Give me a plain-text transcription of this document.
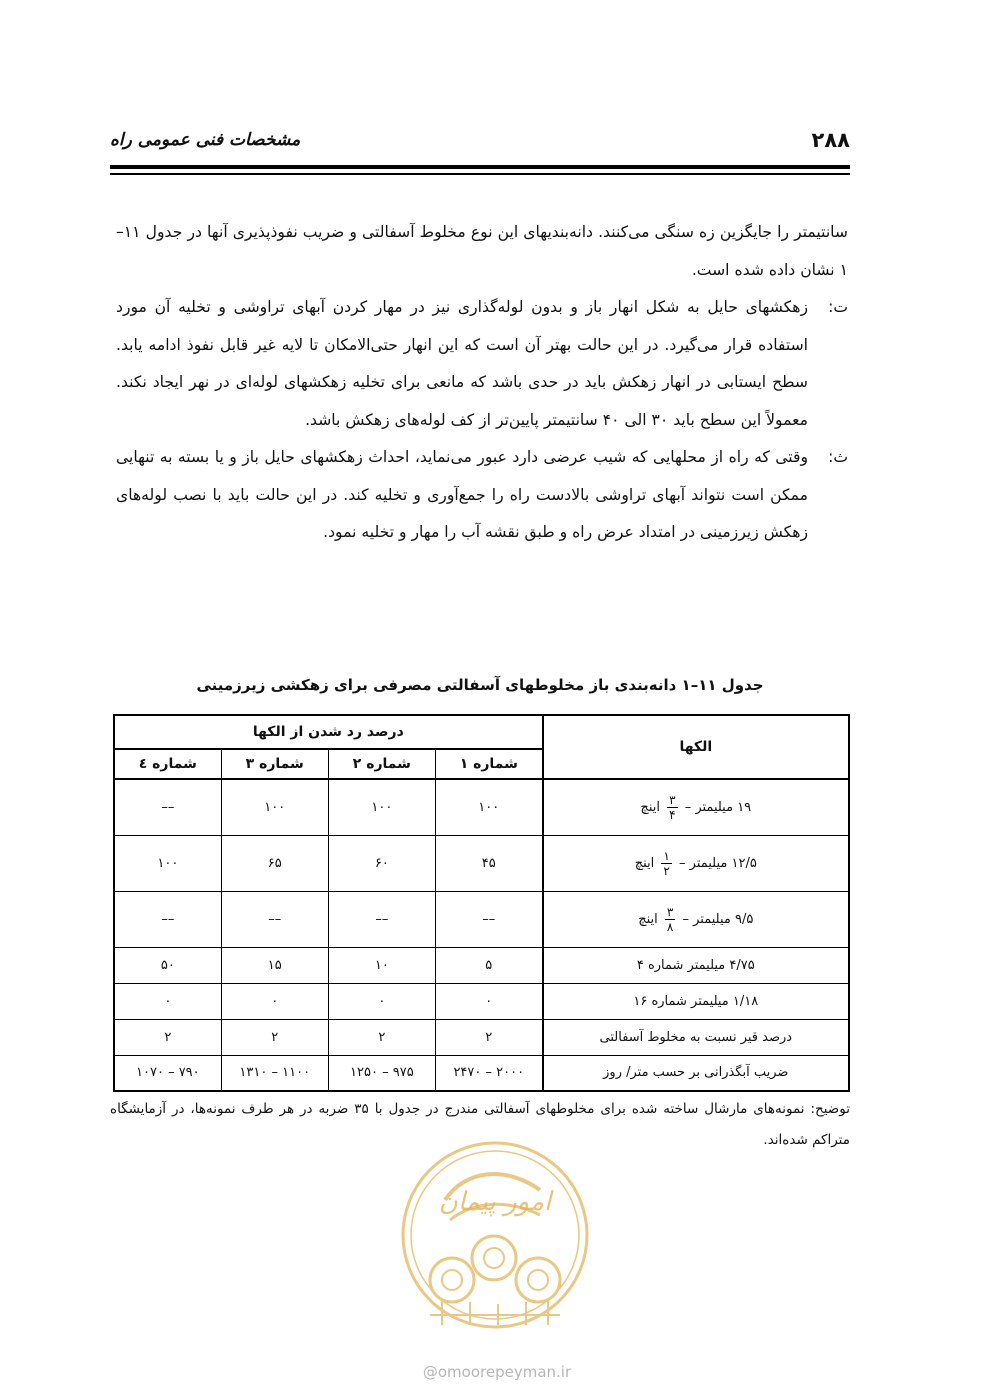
۲۸۸
مشخصات فنی عمومی راه

سانتیمتر را جایگزین زه سنگی می‌کنند. دانه‌بندیهای این نوع مخلوط آسفالتی و ضریب نفوذپذیری آنها در جدول ۱۱–۱ نشان داده شده است.

ت:
زهکشهای حایل به شکل انهار باز و بدون لوله‌گذاری نیز در مهار کردن آبهای تراوشی و تخلیه آن مورد استفاده قرار می‌گیرد. در این حالت بهتر آن است که این انهار حتی‌الامکان تا لایه غیر قابل نفوذ ادامه یابد. سطح ایستابی در انهار زهکش باید در حدی باشد که مانعی برای تخلیه زهکشهای لوله‌ای در نهر ایجاد نکند. معمولاً این سطح باید ۳۰ الی ۴۰ سانتیمتر پایین‌تر از کف لوله‌های زهکش باشد.
ث:
وقتی که راه از محلهایی که شیب عرضی دارد عبور می‌نماید، احداث زهکشهای حایل باز و یا بسته به تنهایی ممکن است نتواند آبهای تراوشی بالادست راه را جمع‌آوری و تخلیه کند. در این حالت باید با نصب لوله‌های زهکش زیرزمینی در امتداد عرض راه و طبق نقشه آب را مهار و تخلیه نمود.
جدول ۱۱–۱ دانه‌بندی باز مخلوطهای آسفالتی مصرفی برای زهکشی زیرزمینی
الکها	درصد رد شدن از الکها			
	شماره ۱	شماره ۲	شماره ۳	شماره ٤
۱۹ میلیمتر –
$\frac{۳}{۴}$
اینچ	۱۰۰	۱۰۰	۱۰۰	––
۱۲/۵ میلیمتر –
$\frac{۱}{۲}$
اینچ	۴۵	۶۰	۶۵	۱۰۰
۹/۵ میلیمتر –
$\frac{۳}{۸}$
اینچ	––	––	––	––
۴/۷۵ میلیمتر شماره ۴	۵	۱۰	۱۵	۵۰
۱/۱۸ میلیمتر شماره ۱۶	۰	۰	۰	۰
درصد قیر نسبت به مخلوط آسفالتی	۲	۲	۲	۲
ضریب آبگذرانی بر حسب متر/ روز	۲۰۰۰ – ۲۴۷۰	۹۷۵ – ۱۲۵۰	۱۱۰۰ – ۱۳۱۰	۷۹۰ – ۱۰۷۰
توضیح: نمونه‌های مارشال ساخته شده برای مخلوطهای آسفالتی مندرج در جدول با ۳۵ ضربه در هر طرف نمونه‌ها، در آزمایشگاه متراکم شده‌اند.
امور پیمان
@omoorepeyman.ir
